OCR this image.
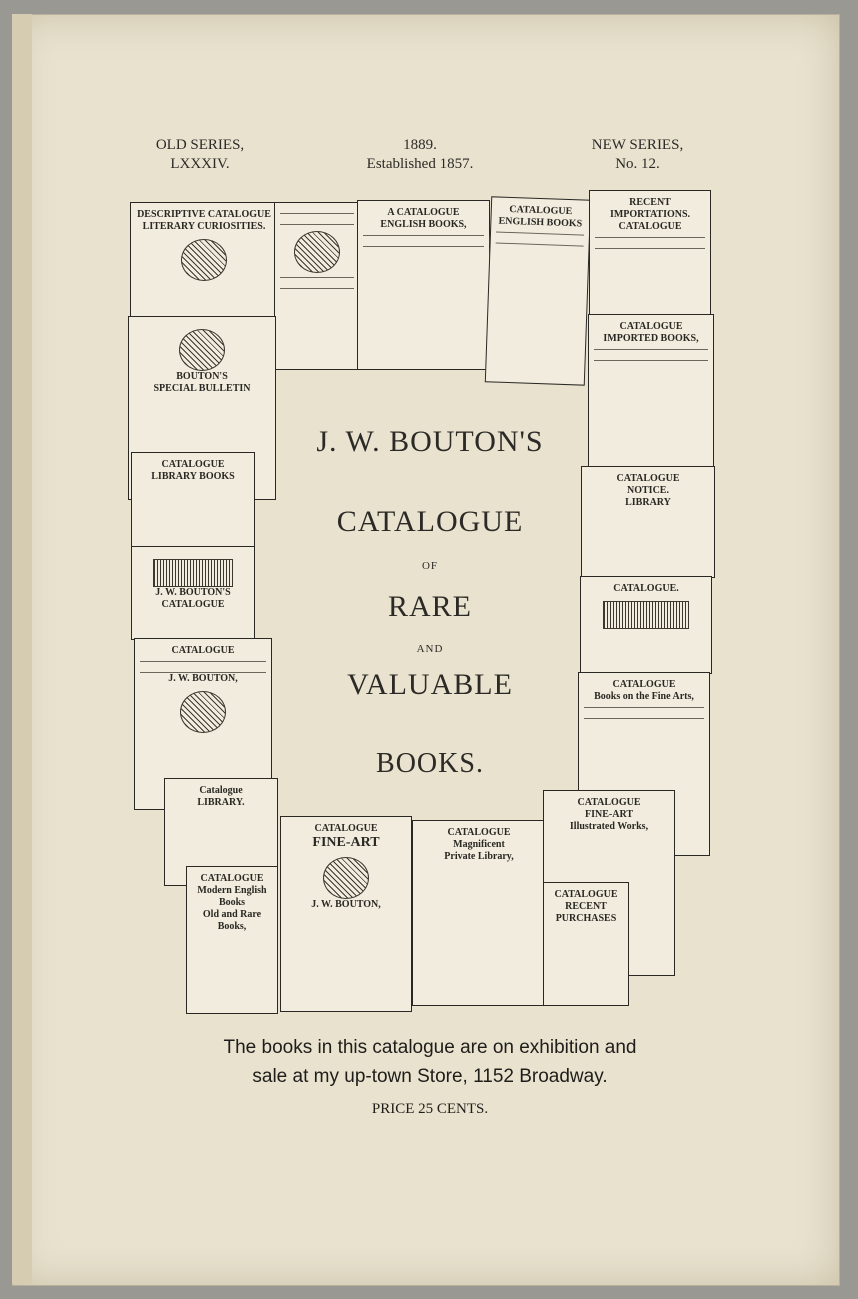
OLD SERIES,
LXXXIV.
1889.
Established 1857.
NEW SERIES,
No. 12.
DESCRIPTIVE CATALOGUE
LITERARY CURIOSITIES.
A CATALOGUE
ENGLISH BOOKS,
CATALOGUE
ENGLISH BOOKS
RECENT IMPORTATIONS.
CATALOGUE
BOUTON'S
SPECIAL BULLETIN
CATALOGUE
LIBRARY BOOKS
J. W. BOUTON'S
CATALOGUE
CATALOGUE
J. W. BOUTON,
CATALOGUE
IMPORTED BOOKS,
CATALOGUE
NOTICE.
LIBRARY
CATALOGUE.
CATALOGUE
Books on the Fine Arts,
Catalogue
LIBRARY.
CATALOGUE
Modern English Books
Old and Rare Books,
CATALOGUE
FINE-ART
J. W. BOUTON,
CATALOGUE
Magnificent
Private Library,
CATALOGUE
FINE-ART
Illustrated Works,
CATALOGUE
RECENT PURCHASES
J. W. BOUTON'S
CATALOGUE
OF
RARE
AND
VALUABLE
BOOKS.
The books in this catalogue are on exhibition and
sale at my up-town Store, 1152 Broadway.
PRICE 25 CENTS.
